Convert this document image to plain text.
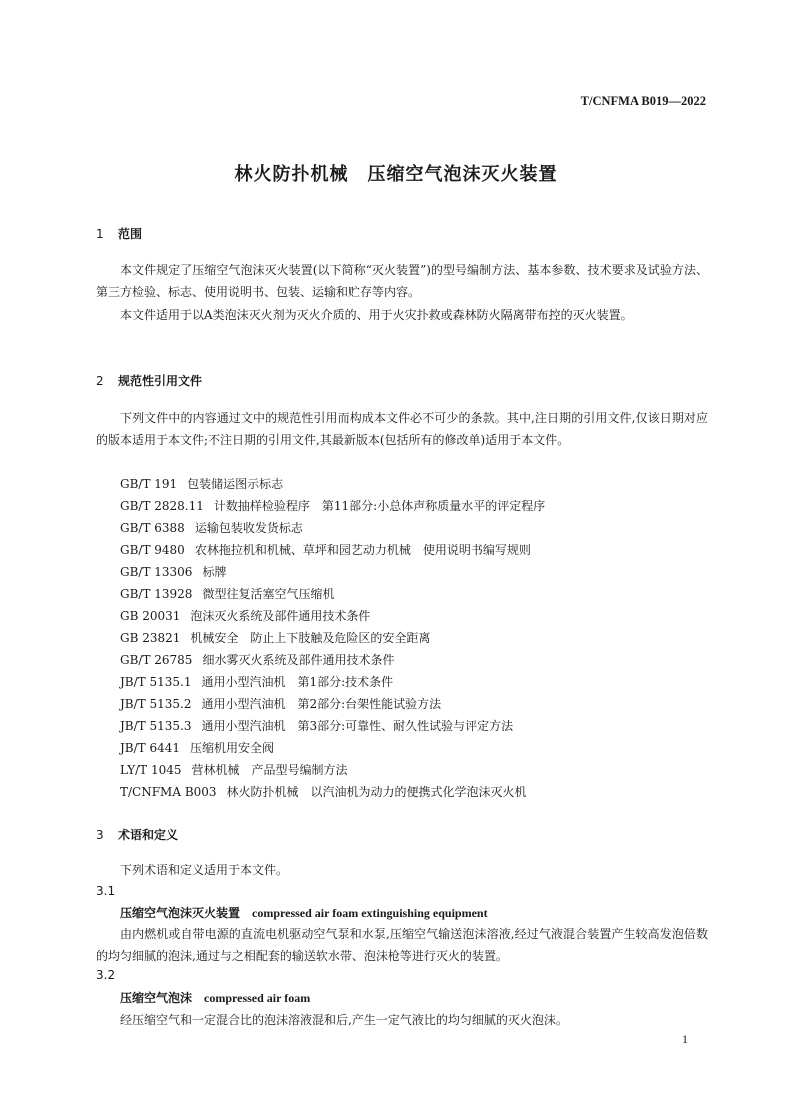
T/CNFMA B019—2022
林火防扑机械　压缩空气泡沫灭火装置
1 范围
本文件规定了压缩空气泡沫灭火装置(以下简称“灭火装置”)的型号编制方法、基本参数、技术要求及试验方法、第三方检验、标志、使用说明书、包装、运输和贮存等内容。
本文件适用于以A类泡沫灭火剂为灭火介质的、用于火灾扑救或森林防火隔离带布控的灭火装置。
2 规范性引用文件
下列文件中的内容通过文中的规范性引用而构成本文件必不可少的条款。其中,注日期的引用文件,仅该日期对应的版本适用于本文件;不注日期的引用文件,其最新版本(包括所有的修改单)适用于本文件。
GB/T 191 包装储运图示标志
GB/T 2828.11 计数抽样检验程序　第11部分:小总体声称质量水平的评定程序
GB/T 6388 运输包装收发货标志
GB/T 9480 农林拖拉机和机械、草坪和园艺动力机械　使用说明书编写规则
GB/T 13306 标牌
GB/T 13928 微型往复活塞空气压缩机
GB 20031 泡沫灭火系统及部件通用技术条件
GB 23821 机械安全　防止上下肢触及危险区的安全距离
GB/T 26785 细水雾灭火系统及部件通用技术条件
JB/T 5135.1 通用小型汽油机　第1部分:技术条件
JB/T 5135.2 通用小型汽油机　第2部分:台架性能试验方法
JB/T 5135.3 通用小型汽油机　第3部分:可靠性、耐久性试验与评定方法
JB/T 6441 压缩机用安全阀
LY/T 1045 营林机械　产品型号编制方法
T/CNFMA B003 林火防扑机械　以汽油机为动力的便携式化学泡沫灭火机
3 术语和定义
下列术语和定义适用于本文件。
3.1
压缩空气泡沫灭火装置 compressed air foam extinguishing equipment
由内燃机或自带电源的直流电机驱动空气泵和水泵,压缩空气输送泡沫溶液,经过气液混合装置产生较高发泡倍数的均匀细腻的泡沫,通过与之相配套的输送软水带、泡沫枪等进行灭火的装置。
3.2
压缩空气泡沫 compressed air foam
经压缩空气和一定混合比的泡沫溶液混和后,产生一定气液比的均匀细腻的灭火泡沫。
1
